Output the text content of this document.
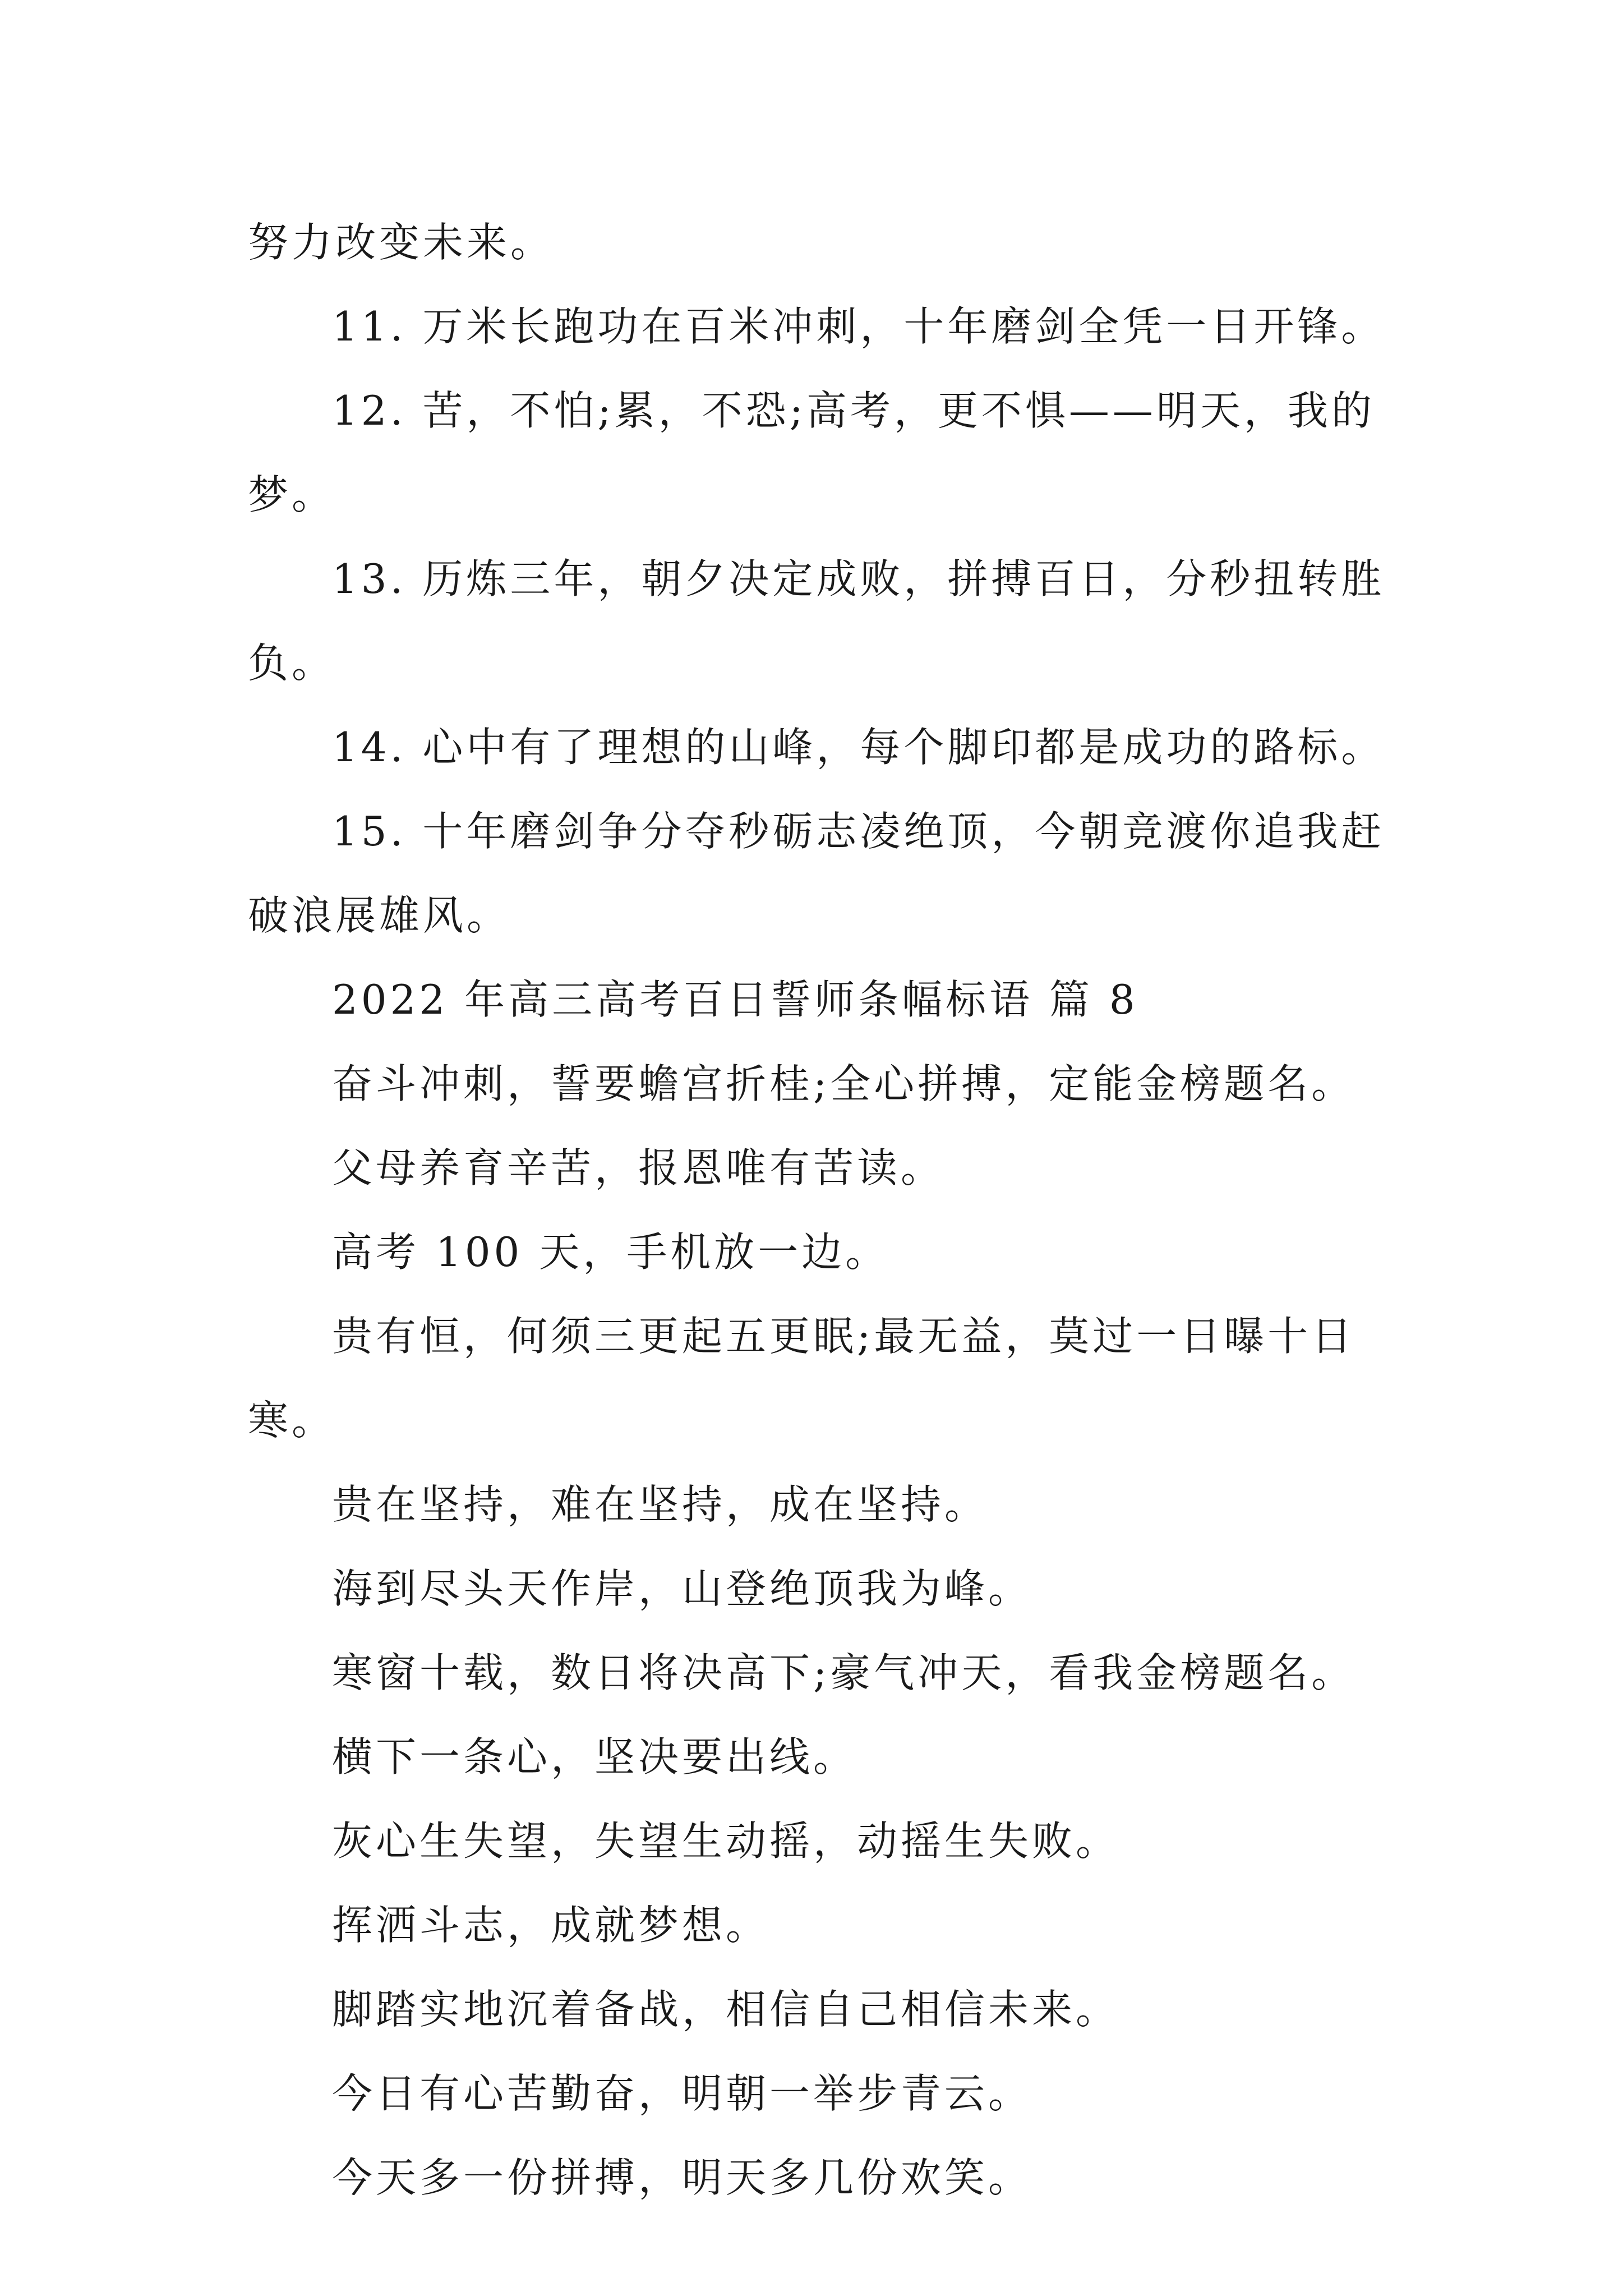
努力改变未来。
11. 万米长跑功在百米冲刺，十年磨剑全凭一日开锋。
12. 苦，不怕;累，不恐;高考，更不惧——明天，我的
梦。
13. 历炼三年，朝夕决定成败，拼搏百日，分秒扭转胜
负。
14. 心中有了理想的山峰，每个脚印都是成功的路标。
15. 十年磨剑争分夺秒砺志凌绝顶，今朝竞渡你追我赶
破浪展雄风。
2022 年高三高考百日誓师条幅标语 篇 8
奋斗冲刺，誓要蟾宫折桂;全心拼搏，定能金榜题名。
父母养育辛苦，报恩唯有苦读。
高考 100 天，手机放一边。
贵有恒，何须三更起五更眠;最无益，莫过一日曝十日
寒。
贵在坚持，难在坚持，成在坚持。
海到尽头天作岸，山登绝顶我为峰。
寒窗十载，数日将决高下;豪气冲天，看我金榜题名。
横下一条心，坚决要出线。
灰心生失望，失望生动摇，动摇生失败。
挥洒斗志，成就梦想。
脚踏实地沉着备战，相信自己相信未来。
今日有心苦勤奋，明朝一举步青云。
今天多一份拼搏，明天多几份欢笑。
